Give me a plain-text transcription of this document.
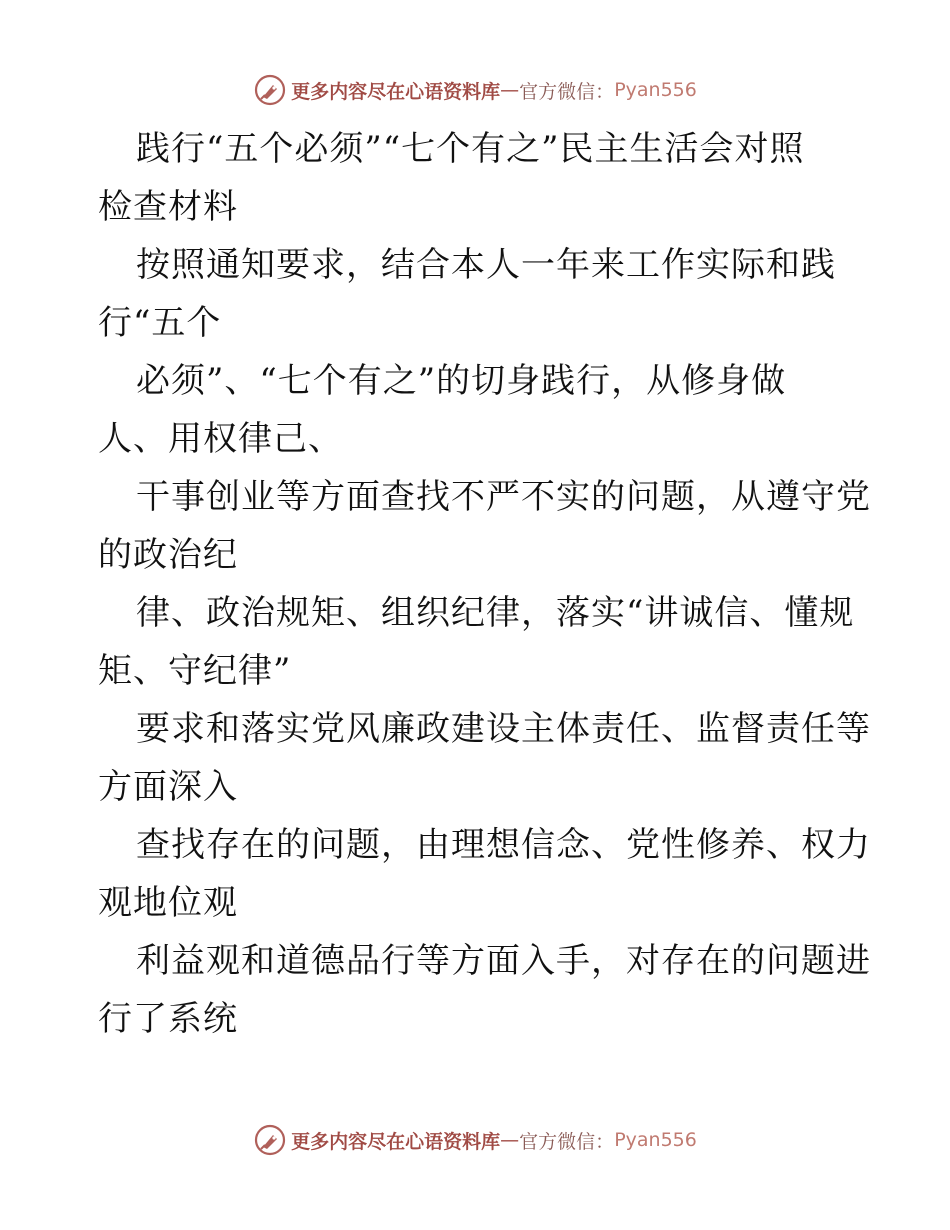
更多内容尽在心语资料库 — 官方微信： Pyan556
践行“五个必须”“七个有之”民主生活会对照
检查材料
按照通知要求，结合本人一年来工作实际和践
行“五个
必须”、“七个有之”的切身践行，从修身做
人、用权律己、
干事创业等方面查找不严不实的问题，从遵守党
的政治纪
律、政治规矩、组织纪律，落实“讲诚信、懂规
矩、守纪律”
要求和落实党风廉政建设主体责任、监督责任等
方面深入
查找存在的问题，由理想信念、党性修养、权力
观地位观
利益观和道德品行等方面入手，对存在的问题进
行了系统
更多内容尽在心语资料库 — 官方微信： Pyan556
